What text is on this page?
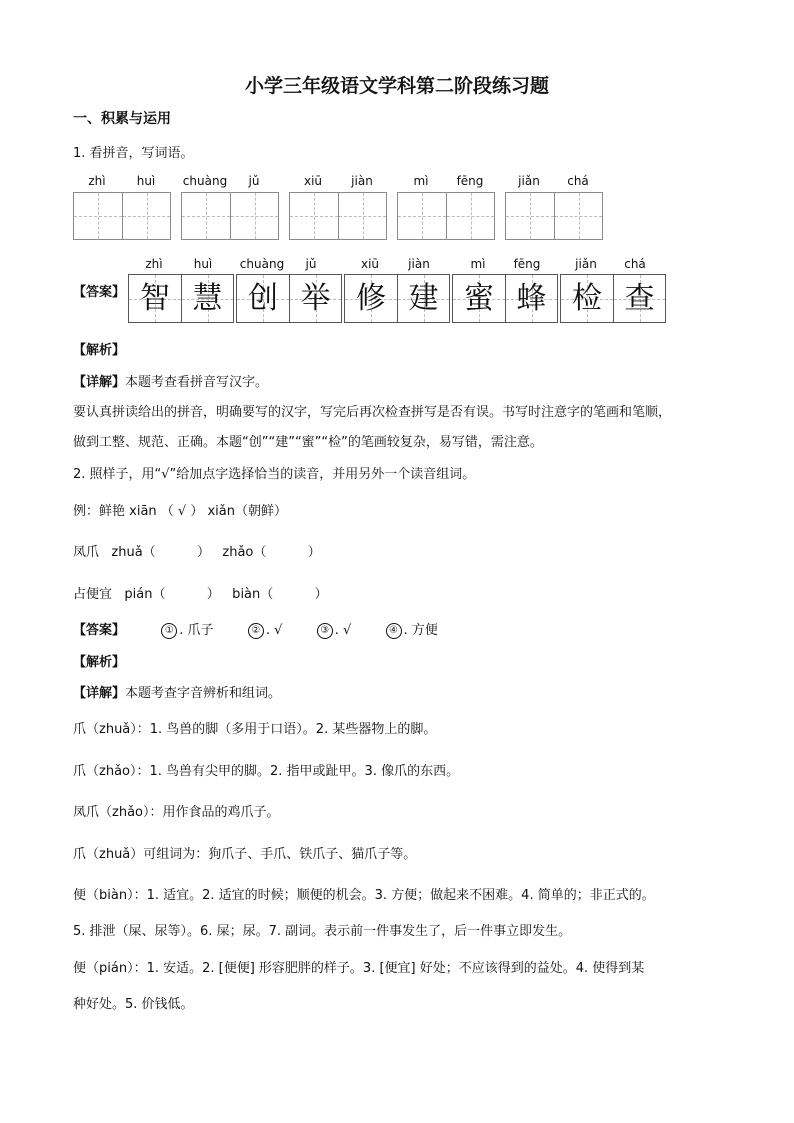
小学三年级语文学科第二阶段练习题
一、积累与运用
1. 看拼音，写词语。
zhì	huì	chuàng	jǔ	xiū	jiàn	mì	fēng	jiǎn	chá
【答案】
zhì	huì	chuàng	jǔ	xiū	jiàn	mì	fēng	jiǎn	chá
智 慧 创 举 修 建 蜜 蜂 检 查
【解析】
【详解】本题考查看拼音写汉字。
要认真拼读给出的拼音，明确要写的汉字，写完后再次检查拼写是否有误。书写时注意字的笔画和笔顺，
做到工整、规范、正确。本题“创”“建”“蜜”“检”的笔画较复杂，易写错，需注意。
2. 照样子，用“√”给加点字选择恰当的读音，并用另外一个读音组词。
例：鲜艳 xiān （ √ ） xiǎn（朝鲜）
凤爪   zhuǎ（          ）   zhǎo（          ）
占便宜   pián（          ）   biàn（          ）
【答案】	① . 爪子	② . √	③ . √	④ . 方便
【解析】
【详解】本题考查字音辨析和组词。
爪（zhuǎ）：1. 鸟兽的脚（多用于口语）。2. 某些器物上的脚。
爪（zhǎo）：1. 鸟兽有尖甲的脚。2. 指甲或趾甲。3. 像爪的东西。
凤爪（zhǎo）：用作食品的鸡爪子。
爪（zhuǎ）可组词为：狗爪子、手爪、铁爪子、猫爪子等。
便（biàn）：1. 适宜。2. 适宜的时候；顺便的机会。3. 方便；做起来不困难。4. 简单的；非正式的。
5. 排泄（屎、尿等）。6. 屎；尿。7. 副词。表示前一件事发生了，后一件事立即发生。
便（pián）：1. 安适。2. [便便] 形容肥胖的样子。3. [便宜] 好处；不应该得到的益处。4. 使得到某
种好处。5. 价钱低。
